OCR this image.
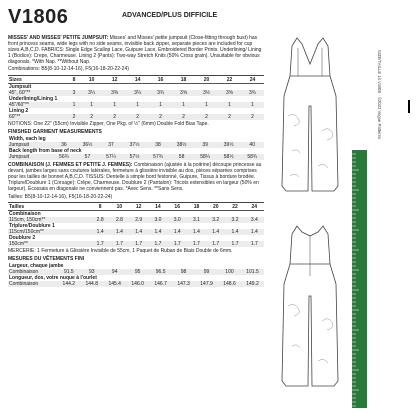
V1806	ADVANCED/PLUS DIFFICILE

MISSES' AND MISSES' PETITE JUMPSUIT: Misses' and Misses' petite jumpsuit (Close-fitting through bust) has front princess seams, wide legs with no side seams, invisible back zipper, separate pieces are included for cup sizes A,B,C,D. FABRICS: Single Edge Scallop Lace, Guipure Lace, Embroidered Border Prints. Underlining/ Lining 1 (Bodice): Crepe, Charmeuse. Lining 2 (Pants): Two-way Stretch Knits (50% Cross grain). Unsuitable for obvious diagonals. *With Nap. **Without Nap.

Combinations: B5(8-10-12-14-16), F5(16-18-20-22-24)
Sizes	8	10	12	14	16	18	20	22	24
Jumpsuit									
45", 60"**	3	3¼	3⅜	3¼	3¾	3⅝	3½	3⅝	3¾
Underlining/Lining 1									
45"/60"**	1	1	1	1	1	1	1	1	1
Lining 2									
60"**	2	2	2	2	2	2	2	2	2

NOTIONS: One 22" (55cm) Invisible Zipper, One Pkg. of ½" (6mm) Double Fold Bias Tape.

FINISHED GARMENT MEASUREMENTS
Width, each leg									
Jumpsuit	36	36½	37	37½	38	38½	39	39½	40
Back length from base of neck									
Jumpsuit	56¾	57	57¼	57½	57¾	58	58¼	58½	58¾

COMBINAISON (J. FEMMES ET PETITE J. FEMMES): Combinaison (ajustée à la poitrine) découpe princesse au devant, jambes larges sans coutures latérales, fermeture à glissière invisible au dos, pièces séparées comprises pour les tailles de bonnet A,B,C,D. TISSUS: Dentelle à simple bord festonné, Guipure, Tissus à bordure brodée. Triplure/Doublure 1 (Corsage): Crêpe, Charmeuse. Doublure 2 (Pantalon): Tricots extensibles en largeur (50% en largeur). Écossais en diagonale ne conviennent pas. *Avec Sens. **Sans Sens.

Tailles: B5(8-10-12-14-16), F5(16-18-20-22-24)
Tailles	8	10	12	14	16	18	20	22	24
Combinaison									
115cm, 150cm**	2.8	2.8	2.9	3.0	3.0	3.1	3.2	3.2	3.4
Triplure/Doublure 1									
115cm/150cm**	1.4	1.4	1.4	1.4	1.4	1.4	1.4	1.4	1.4
Doublure 2									
150cm**	1.7	1.7	1.7	1.7	1.7	1.7	1.7	1.7	1.7

MERCERIE: 1 Fermeture à Glissière Invisible de 55cm, 1 Paquet de Ruban de Biais Double de 6mm.

MESURES DU VÊTEMENTS FINI
Largeur, chaque jambe									
Combinaison	91.5	93	94	95	96.5	98	99	100	101.5
Longueur, dos, votre nuque à l'ourlet									
Combinaison	144.2	144.8	145.4	146.0	146.7	147.3	147.9	148.6	149.2
SIZE/TAILLE 14 V1806 · ©2022 Vogue Patterns
